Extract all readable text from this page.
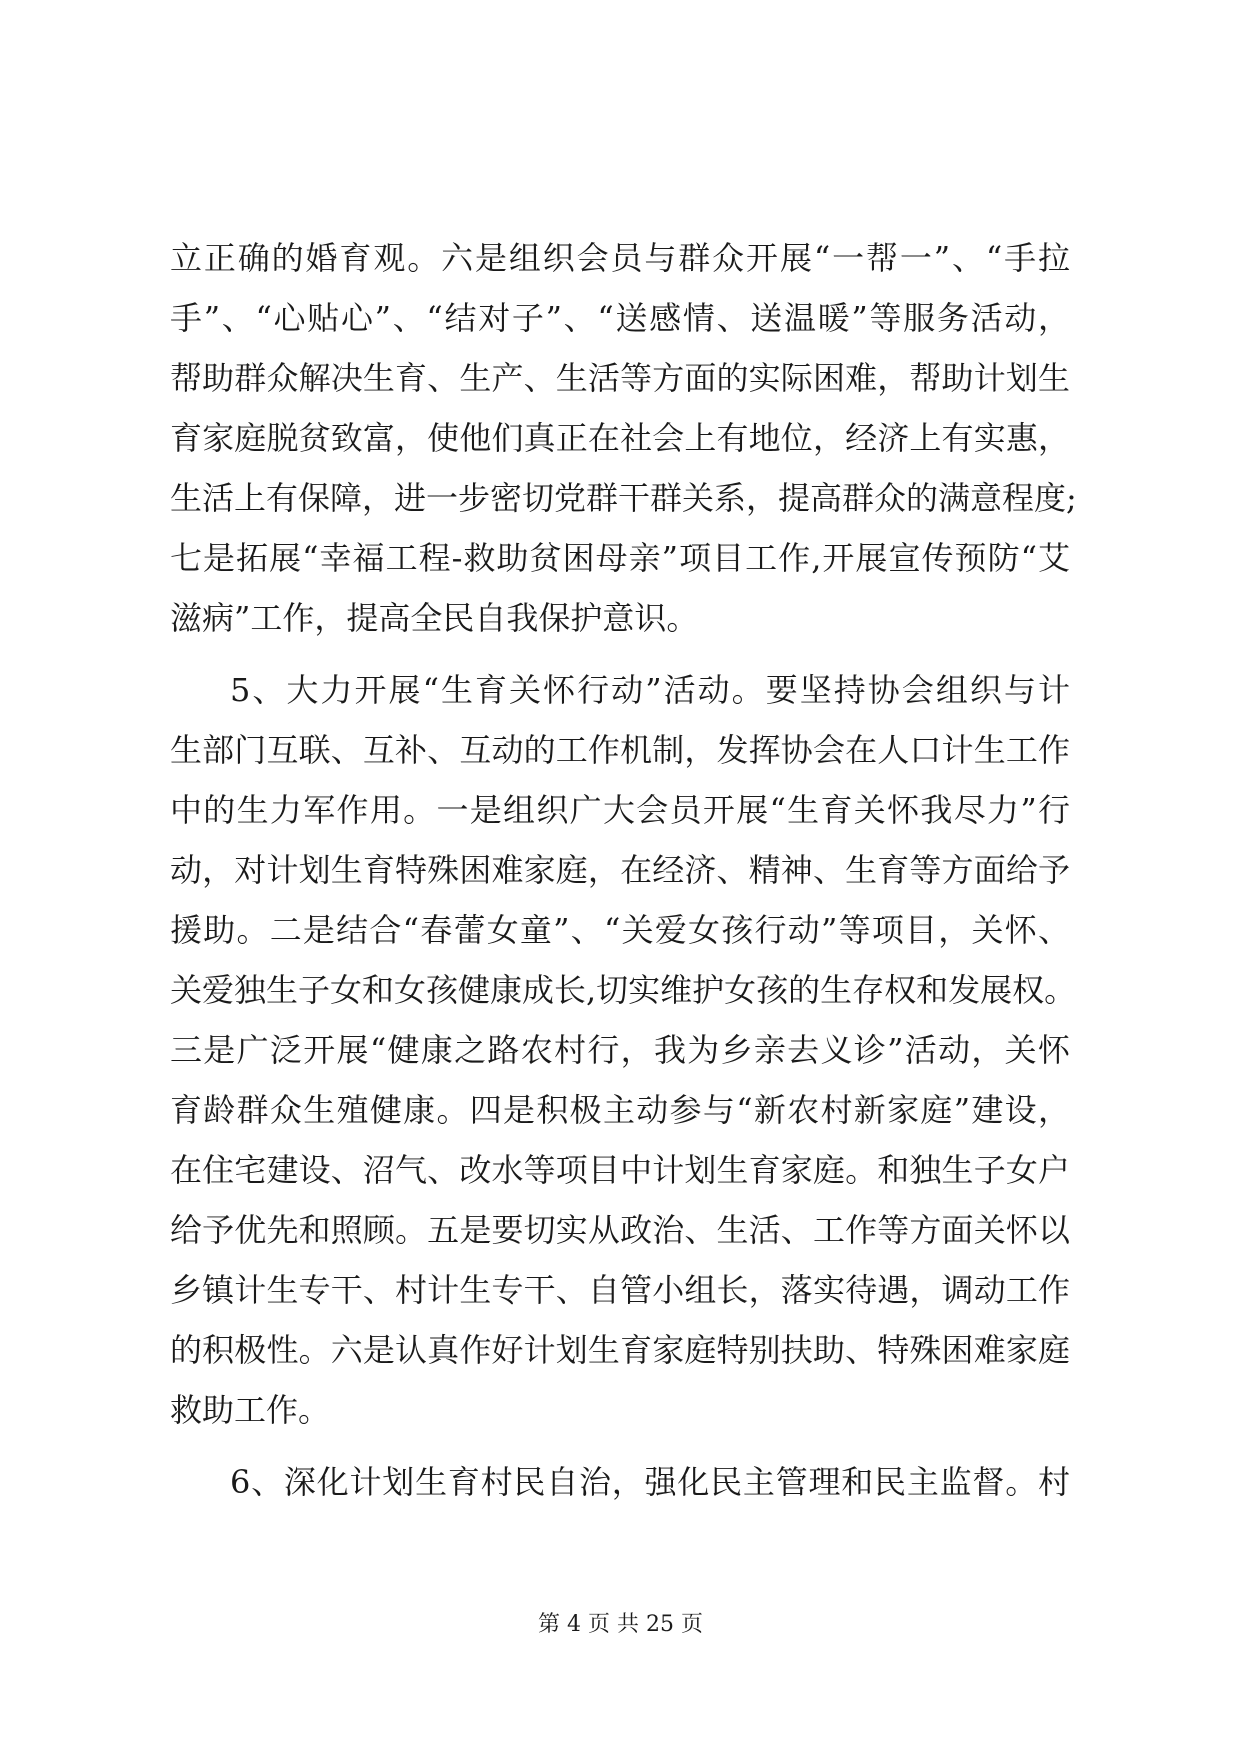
立正确的婚育观。六是组织会员与群众开展“一帮一”、“手拉
手”、“心贴心”、“结对子”、“送感情、送温暖”等服务活动，
帮助群众解决生育、生产、生活等方面的实际困难，帮助计划生
育家庭脱贫致富，使他们真正在社会上有地位，经济上有实惠，
生活上有保障，进一步密切党群干群关系，提高群众的满意程度;
七是拓展“幸福工程-救助贫困母亲”项目工作,开展宣传预防“艾
滋病”工作，提高全民自我保护意识。
5、大力开展“生育关怀行动”活动。要坚持协会组织与计
生部门互联、互补、互动的工作机制，发挥协会在人口计生工作
中的生力军作用。一是组织广大会员开展“生育关怀我尽力”行
动，对计划生育特殊困难家庭，在经济、精神、生育等方面给予
援助。二是结合“春蕾女童”、“关爱女孩行动”等项目，关怀、
关爱独生子女和女孩健康成长,切实维护女孩的生存权和发展权。
三是广泛开展“健康之路农村行，我为乡亲去义诊”活动，关怀
育龄群众生殖健康。四是积极主动参与“新农村新家庭”建设，
在住宅建设、沼气、改水等项目中计划生育家庭。和独生子女户
给予优先和照顾。五是要切实从政治、生活、工作等方面关怀以
乡镇计生专干、村计生专干、自管小组长，落实待遇，调动工作
的积极性。六是认真作好计划生育家庭特别扶助、特殊困难家庭
救助工作。
6、深化计划生育村民自治，强化民主管理和民主监督。村
第 4 页 共 25 页
